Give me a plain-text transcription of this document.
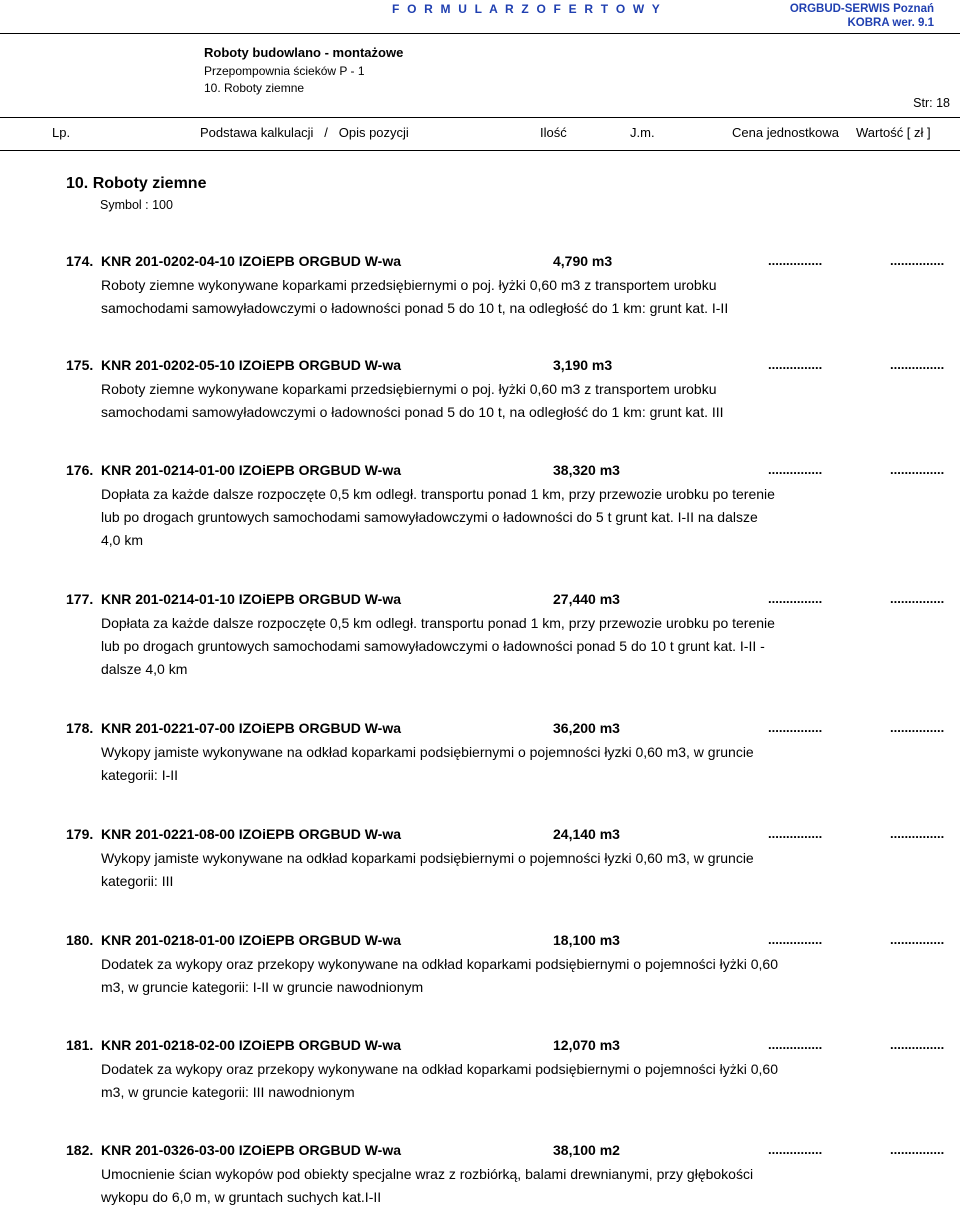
F O R M U L A R Z O F E R T O W Y	ORGBUD-SERWIS Poznań
KOBRA wer. 9.1
Roboty budowlano - montażowe
Przepompownia ścieków P - 1
10. Roboty ziemne
Str: 18
Lp.	Podstawa kalkulacji   /   Opis pozycji	Ilość	J.m.	Cena jednostkowa Wartość [ zł ]
10. Roboty ziemne
Symbol : 100
174. KNR 201-0202-04-10 IZOiEPB ORGBUD W-wa	4,790 m3	...............	...............
Roboty ziemne wykonywane koparkami przedsiębiernymi o poj. łyżki 0,60 m3 z transportem urobku samochodami samowyładowczymi o ładowności ponad 5 do 10 t, na odległość do 1 km: grunt kat. I-II
175. KNR 201-0202-05-10 IZOiEPB ORGBUD W-wa	3,190 m3	...............	...............
Roboty ziemne wykonywane koparkami przedsiębiernymi o poj. łyżki 0,60 m3 z transportem urobku samochodami samowyładowczymi o ładowności ponad 5 do 10 t, na odległość do 1 km: grunt kat. III
176. KNR 201-0214-01-00 IZOiEPB ORGBUD W-wa	38,320 m3	...............	...............
Dopłata za każde dalsze rozpoczęte 0,5 km odległ. transportu ponad 1 km, przy przewozie urobku po terenie lub po drogach gruntowych samochodami samowyładowczymi o ładowności do 5 t grunt kat. I-II na dalsze 4,0 km
177. KNR 201-0214-01-10 IZOiEPB ORGBUD W-wa	27,440 m3	...............	...............
Dopłata za każde dalsze rozpoczęte 0,5 km odległ. transportu ponad 1 km, przy przewozie urobku po terenie lub po drogach gruntowych samochodami samowyładowczymi o ładowności ponad 5 do 10 t grunt kat. I-II - dalsze 4,0 km
178. KNR 201-0221-07-00 IZOiEPB ORGBUD W-wa	36,200 m3	...............	...............
Wykopy jamiste wykonywane na odkład koparkami podsiębiernymi o pojemności łyzki 0,60 m3, w gruncie kategorii: I-II
179. KNR 201-0221-08-00 IZOiEPB ORGBUD W-wa	24,140 m3	...............	...............
Wykopy jamiste wykonywane na odkład koparkami podsiębiernymi o pojemności łyzki 0,60 m3, w gruncie kategorii: III
180. KNR 201-0218-01-00 IZOiEPB ORGBUD W-wa	18,100 m3	...............	...............
Dodatek za wykopy oraz przekopy wykonywane na odkład koparkami podsiębiernymi o pojemności łyżki 0,60 m3, w gruncie kategorii: I-II w gruncie nawodnionym
181. KNR 201-0218-02-00 IZOiEPB ORGBUD W-wa	12,070 m3	...............	...............
Dodatek za wykopy oraz przekopy wykonywane na odkład koparkami podsiębiernymi o pojemności łyżki 0,60 m3, w gruncie kategorii: III nawodnionym
182. KNR 201-0326-03-00 IZOiEPB ORGBUD W-wa	38,100 m2	...............	...............
Umocnienie ścian wykopów pod obiekty specjalne wraz z rozbiórką, balami drewnianymi, przy głębokości wykopu do 6,0 m, w gruntach suchych kat.I-II
